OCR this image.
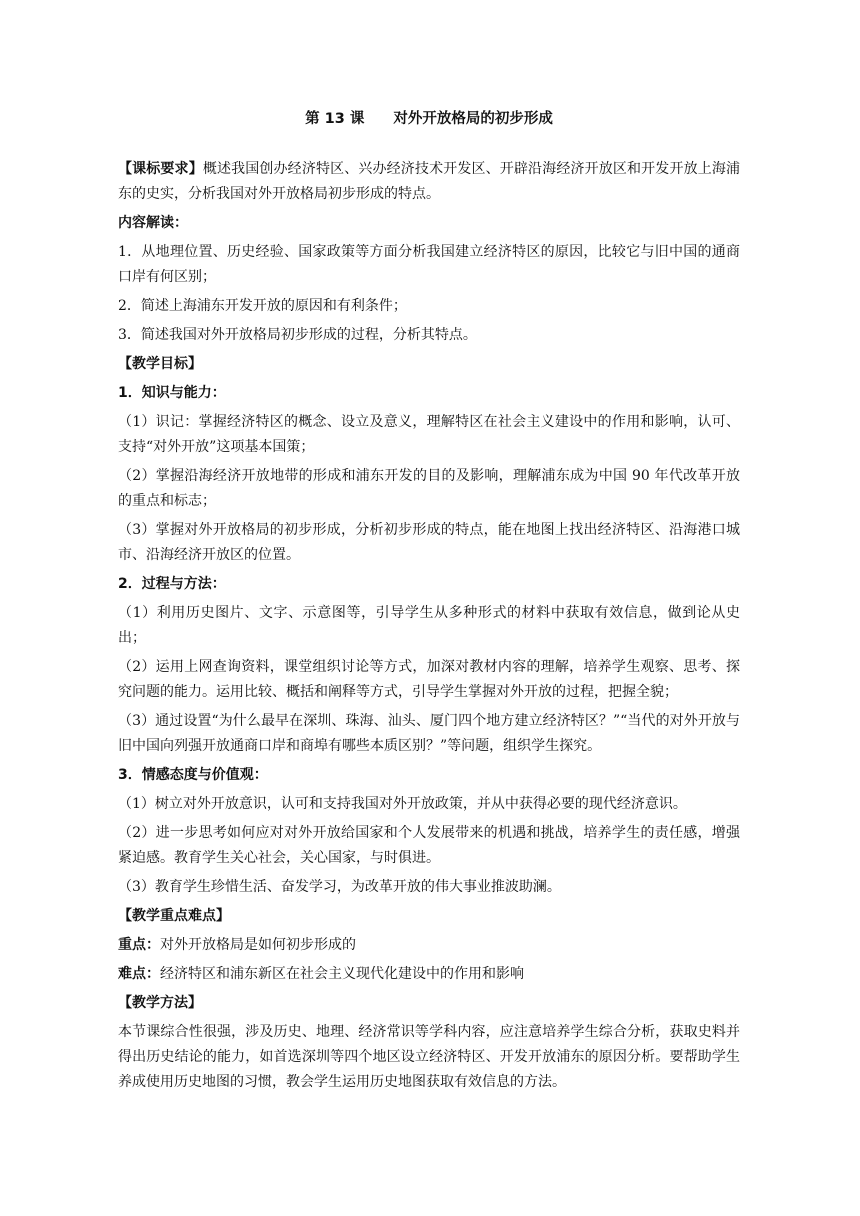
第 13 课　　对外开放格局的初步形成

【课标要求】概述我国创办经济特区、兴办经济技术开发区、开辟沿海经济开放区和开发开放上海浦东的史实，分析我国对外开放格局初步形成的特点。

内容解读：

1．从地理位置、历史经验、国家政策等方面分析我国建立经济特区的原因，比较它与旧中国的通商口岸有何区别；

2．简述上海浦东开发开放的原因和有利条件；

3．简述我国对外开放格局初步形成的过程，分析其特点。

【教学目标】

1．知识与能力：

（1）识记：掌握经济特区的概念、设立及意义，理解特区在社会主义建设中的作用和影响，认可、支持“对外开放”这项基本国策；

（2）掌握沿海经济开放地带的形成和浦东开发的目的及影响，理解浦东成为中国 90 年代改革开放的重点和标志；

（3）掌握对外开放格局的初步形成，分析初步形成的特点，能在地图上找出经济特区、沿海港口城市、沿海经济开放区的位置。

2．过程与方法：

（1）利用历史图片、文字、示意图等，引导学生从多种形式的材料中获取有效信息，做到论从史出；

（2）运用上网查询资料，课堂组织讨论等方式，加深对教材内容的理解，培养学生观察、思考、探究问题的能力。运用比较、概括和阐释等方式，引导学生掌握对外开放的过程，把握全貌；

（3）通过设置“为什么最早在深圳、珠海、汕头、厦门四个地方建立经济特区？”“当代的对外开放与旧中国向列强开放通商口岸和商埠有哪些本质区别？”等问题，组织学生探究。

3．情感态度与价值观：

（1）树立对外开放意识，认可和支持我国对外开放政策，并从中获得必要的现代经济意识。

（2）进一步思考如何应对对外开放给国家和个人发展带来的机遇和挑战，培养学生的责任感，增强紧迫感。教育学生关心社会，关心国家，与时俱进。

（3）教育学生珍惜生活、奋发学习，为改革开放的伟大事业推波助澜。

【教学重点难点】

重点：对外开放格局是如何初步形成的

难点：经济特区和浦东新区在社会主义现代化建设中的作用和影响

【教学方法】

本节课综合性很强，涉及历史、地理、经济常识等学科内容，应注意培养学生综合分析，获取史料并得出历史结论的能力，如首选深圳等四个地区设立经济特区、开发开放浦东的原因分析。要帮助学生养成使用历史地图的习惯，教会学生运用历史地图获取有效信息的方法。
